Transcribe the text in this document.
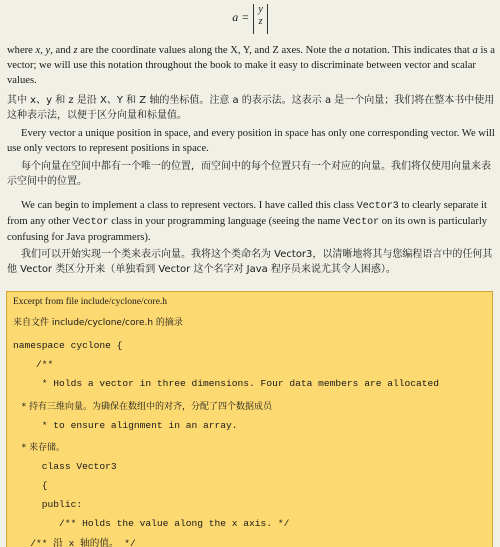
a =
y
z
where x, y, and z are the coordinate values along the X, Y, and Z axes. Note the a notation. This indicates that a is a vector; we will use this notation throughout the book to make it easy to discriminate between vector and scalar values.
其中 x、y 和 z 是沿 X、Y 和 Z 轴的坐标值。注意 a 的表示法。这表示 a 是一个向量；我们将在整本书中使用这种表示法，以便于区分向量和标量值。
Every vector a unique position in space, and every position in space has only one corresponding vector. We will use only vectors to represent positions in space.
每个向量在空间中都有一个唯一的位置，而空间中的每个位置只有一个对应的向量。我们将仅使用向量来表示空间中的位置。
We can begin to implement a class to represent vectors. I have called this class Vector3 to clearly separate it from any other Vector class in your programming language (seeing the name Vector on its own is particularly confusing for Java programmers).
我们可以开始实现一个类来表示向量。我将这个类命名为 Vector3，以清晰地将其与您编程语言中的任何其他 Vector 类区分开来（单独看到 Vector 这个名字对 Java 程序员来说尤其令人困惑）。
Excerpt from file include/cyclone/core.h
来自文件 include/cyclone/core.h 的摘录
namespace cyclone {
/**
* Holds a vector in three dimensions. Four data members are allocated
* 持有三维向量。为确保在数组中的对齐，分配了四个数据成员
* to ensure alignment in an array.
* 来存储。
class Vector3
{
public:
/** Holds the value along the x axis. */
/** 沿 x 轴的值。 */
